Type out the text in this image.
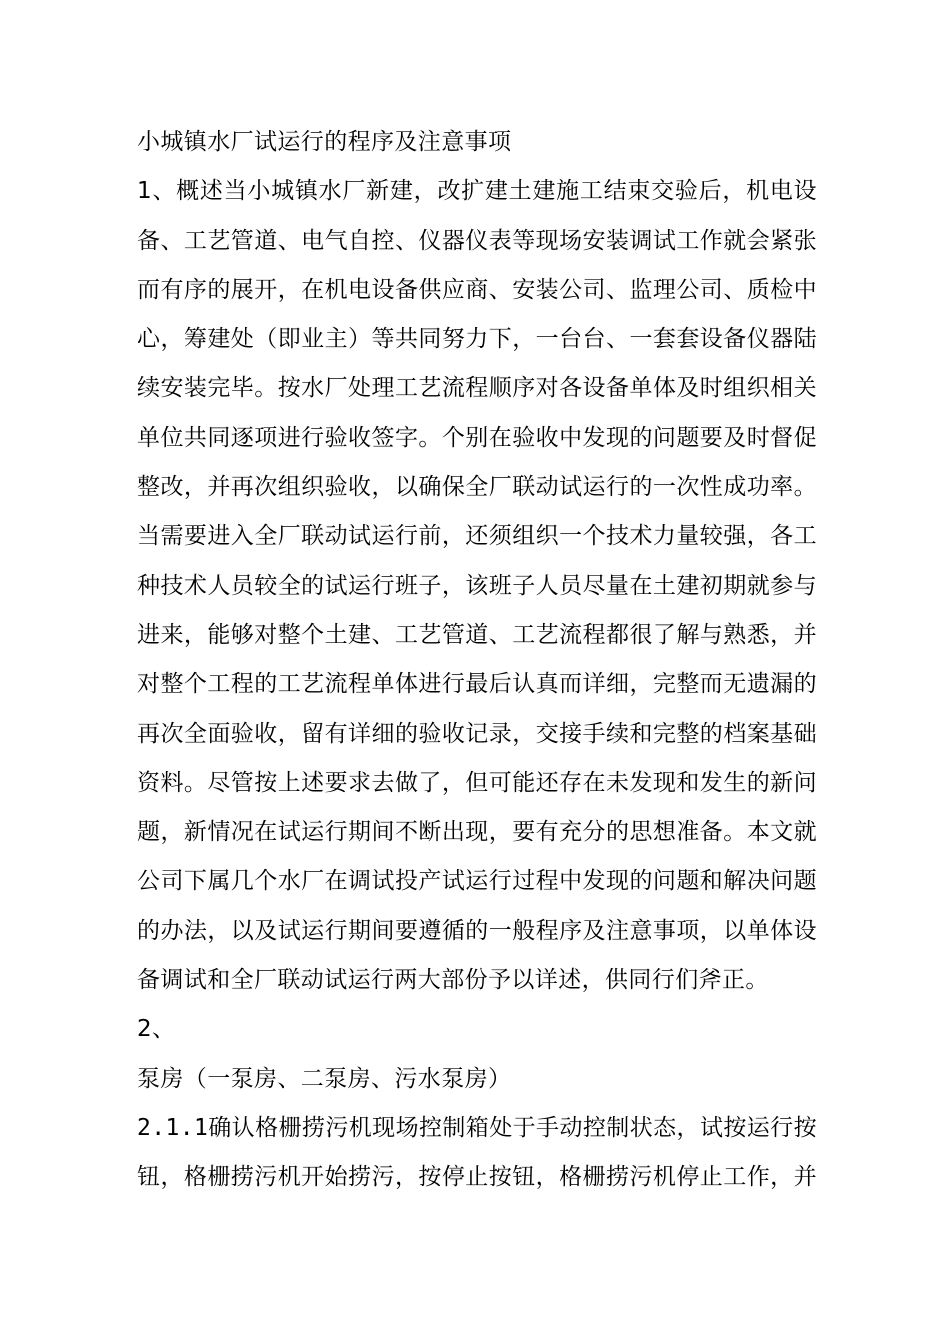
小城镇水厂试运行的程序及注意事项
1、概述当小城镇水厂新建，改扩建土建施工结束交验后，机电设
备、工艺管道、电气自控、仪器仪表等现场安装调试工作就会紧张
而有序的展开，在机电设备供应商、安装公司、监理公司、质检中
心，筹建处（即业主）等共同努力下，一台台、一套套设备仪器陆
续安装完毕。按水厂处理工艺流程顺序对各设备单体及时组织相关
单位共同逐项进行验收签字。个别在验收中发现的问题要及时督促
整改，并再次组织验收，以确保全厂联动试运行的一次性成功率。
当需要进入全厂联动试运行前，还须组织一个技术力量较强，各工
种技术人员较全的试运行班子，该班子人员尽量在土建初期就参与
进来，能够对整个土建、工艺管道、工艺流程都很了解与熟悉，并
对整个工程的工艺流程单体进行最后认真而详细，完整而无遗漏的
再次全面验收，留有详细的验收记录，交接手续和完整的档案基础
资料。尽管按上述要求去做了，但可能还存在未发现和发生的新问
题，新情况在试运行期间不断出现，要有充分的思想准备。本文就
公司下属几个水厂在调试投产试运行过程中发现的问题和解决问题
的办法，以及试运行期间要遵循的一般程序及注意事项，以单体设
备调试和全厂联动试运行两大部份予以详述，供同行们斧正。
2、
泵房（一泵房、二泵房、污水泵房）
2.1.1确认格栅捞污机现场控制箱处于手动控制状态，试按运行按
钮，格栅捞污机开始捞污，按停止按钮，格栅捞污机停止工作，并
